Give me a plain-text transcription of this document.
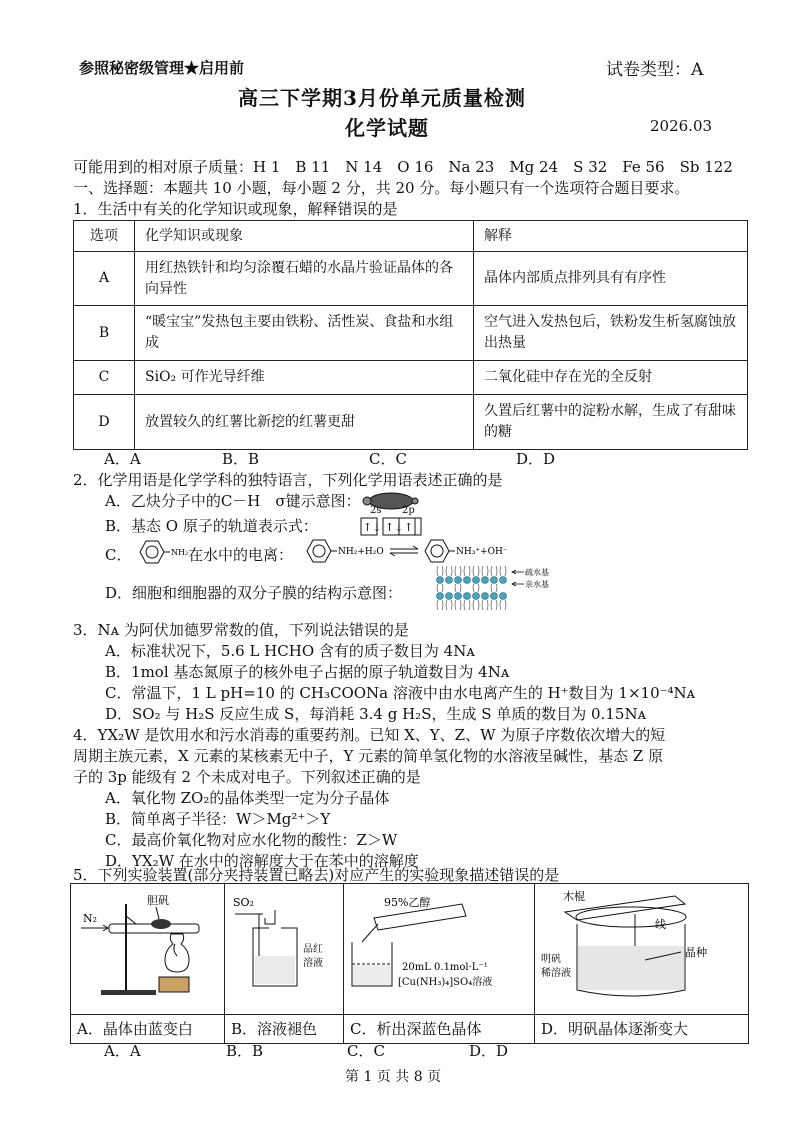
参照秘密级管理★启用前	试卷类型：A
高三下学期3月份单元质量检测
化学试题	2026.03
可能用到的相对原子质量：H 1　B 11　N 14　O 16　Na 23　Mg 24　S 32　Fe 56　Sb 122
一、选择题：本题共 10 小题，每小题 2 分，共 20 分。每小题只有一个选项符合题目要求。
1．生活中有关的化学知识或现象，解释错误的是
选项	化学知识或现象	解释
A	用红热铁针和均匀涂覆石蜡的水晶片验证晶体的各向异性	晶体内部质点排列具有有序性
B	“暖宝宝”发热包主要由铁粉、活性炭、食盐和水组成	空气进入发热包后，铁粉发生析氢腐蚀放出热量
C	SiO₂ 可作光导纤维	二氧化硅中存在光的全反射
D	放置较久的红薯比新挖的红薯更甜	久置后红薯中的淀粉水解，生成了有甜味的糖
A．A	B．B	C．C	D．D
2．化学用语是化学学科的独特语言，下列化学用语表述正确的是
A．乙炔分子中的C－H　σ键示意图：
B．基态 O 原子的轨道表示式：
2s 2p
↑↓ ↑↓ ↑
C．	NH₂ 在水中的电离：	NH₂+H₂O	NH₃⁺+OH⁻
D．细胞和细胞器的双分子膜的结构示意图：
疏水基
亲水基
3．Nᴀ 为阿伏加德罗常数的值，下列说法错误的是
A．标准状况下，5.6 L HCHO 含有的质子数目为 4Nᴀ
B．1mol 基态氮原子的核外电子占据的原子轨道数目为 4Nᴀ
C．常温下，1 L pH=10 的 CH₃COONa 溶液中由水电离产生的 H⁺数目为 1×10⁻⁴Nᴀ
D．SO₂ 与 H₂S 反应生成 S，每消耗 3.4 g H₂S，生成 S 单质的数目为 0.15Nᴀ
4．YX₂W 是饮用水和污水消毒的重要药剂。已知 X、Y、Z、W 为原子序数依次增大的短
周期主族元素，X 元素的某核素无中子，Y 元素的简单氢化物的水溶液呈碱性，基态 Z 原
子的 3p 能级有 2 个未成对电子。下列叙述正确的是
A．氧化物 ZO₂的晶体类型一定为分子晶体
B．简单离子半径：W＞Mg²⁺＞Y
C．最高价氧化物对应水化物的酸性：Z＞W
D．YX₂W 在水中的溶解度大于在苯中的溶解度
5．下列实验装置(部分夹持装置已略去)对应产生的实验现象描述错误的是
N₂
胆矾	SO₂
品红
溶液	95%乙醇
20mL 0.1mol·L⁻¹
[Cu(NH₃)₄]SO₄溶液	木棍
线
晶种
明矾
稀溶液

A．晶体由蓝变白	B．溶液褪色	C．析出深蓝色晶体	D．明矾晶体逐渐变大
A．A	B．B	C．C	D．D
第 1 页 共 8 页
